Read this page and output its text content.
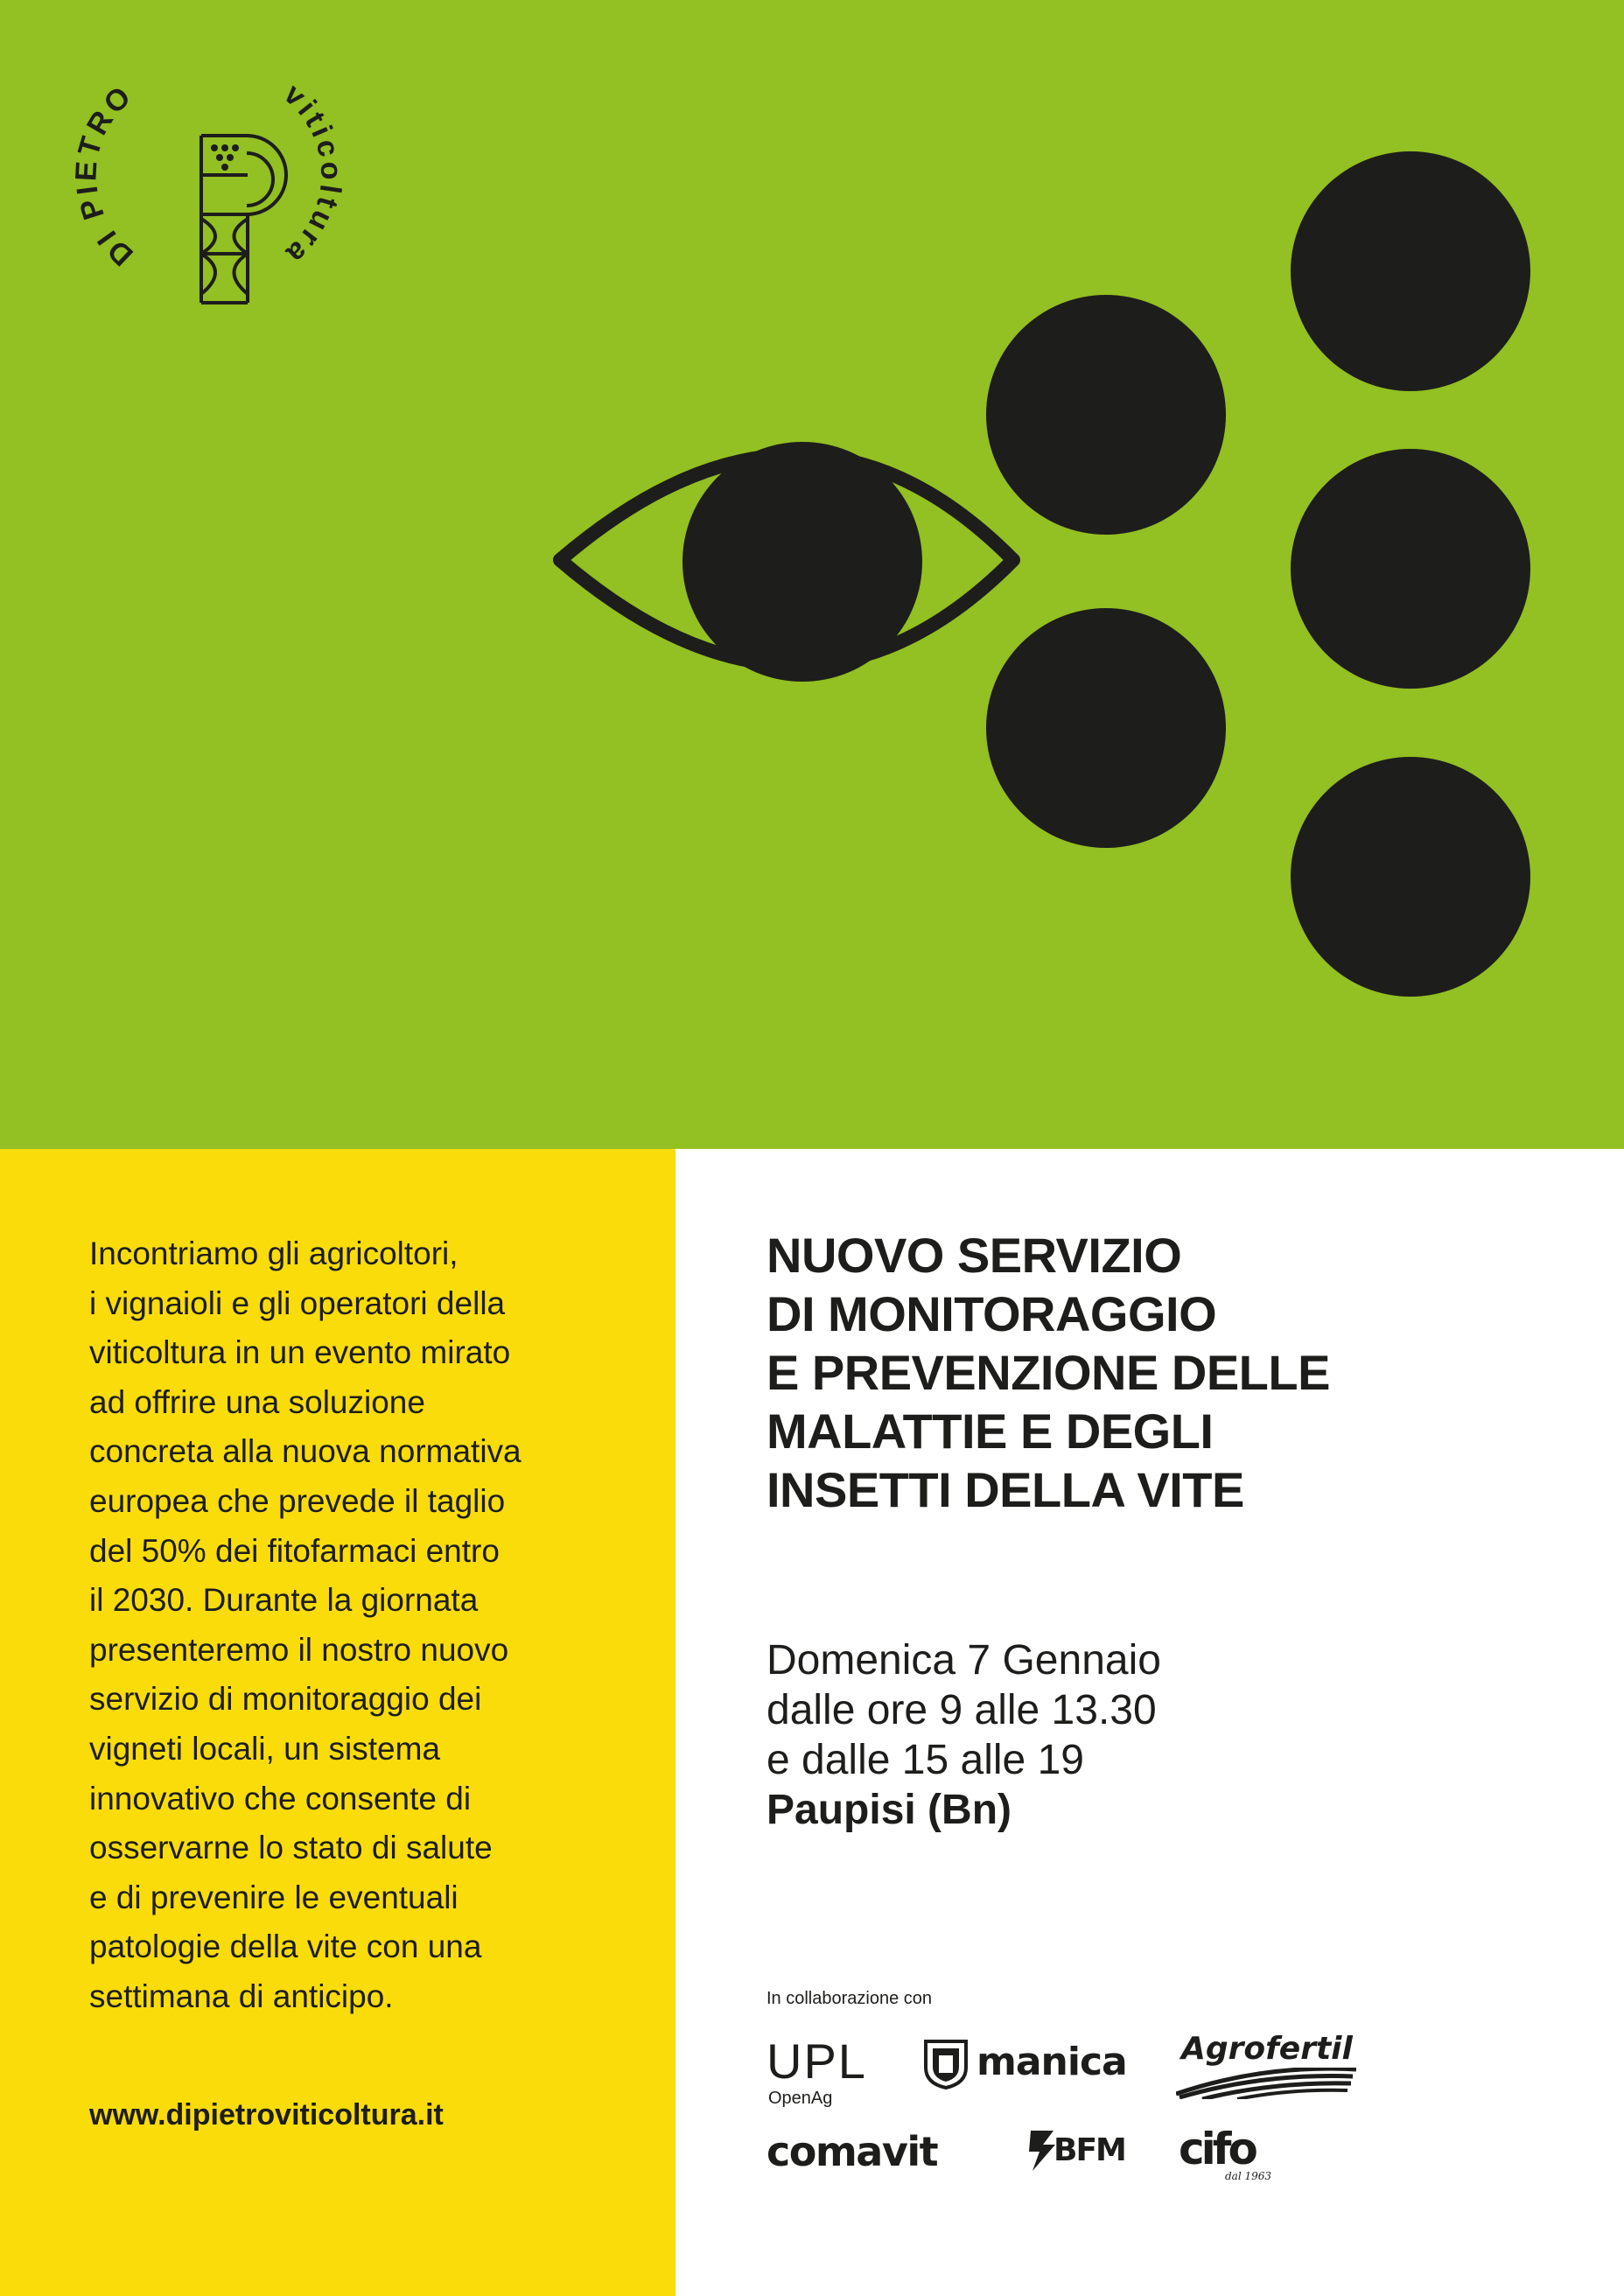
DI PIETRO	viticoltura

Incontriamo gli agricoltori,
i vignaioli e gli operatori della
viticoltura in un evento mirato
ad offrire una soluzione
concreta alla nuova normativa
europea che prevede il taglio
del 50% dei fitofarmaci entro
il 2030. Durante la giornata
presenteremo il nostro nuovo
servizio di monitoraggio dei
vigneti locali, un sistema
innovativo che consente di
osservarne lo stato di salute
e di prevenire le eventuali
patologie della vite con una
settimana di anticipo.

www.dipietroviticoltura.it
NUOVO SERVIZIO
DI MONITORAGGIO
E PREVENZIONE DELLE
MALATTIE E DEGLI
INSETTI DELLA VITE
Domenica 7 Gennaio
dalle ore 9 alle 13.30
e dalle 15 alle 19
Paupisi (Bn)
In collaborazione con
UPL
OpenAg
manica Agrofertil
comavit	BFM cifo
dal 1963
